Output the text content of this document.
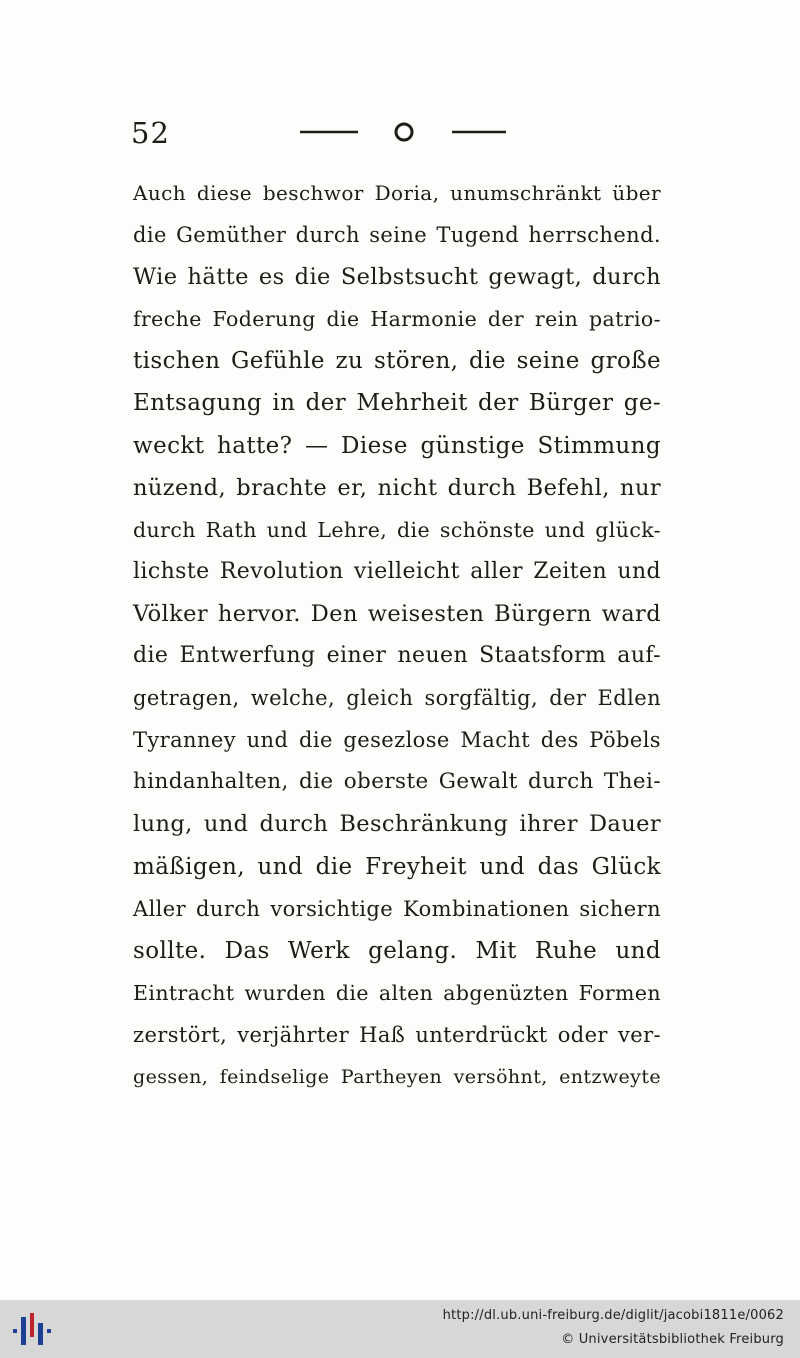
52
Auch diese beschwor Doria, unumschränkt über
die Gemüther durch seine Tugend herrschend.
Wie hätte es die Selbstsucht gewagt, durch
freche Foderung die Harmonie der rein patrio-
tischen Gefühle zu stören, die seine große
Entsagung in der Mehrheit der Bürger ge-
weckt hatte? — Diese günstige Stimmung
nüzend, brachte er, nicht durch Befehl, nur
durch Rath und Lehre, die schönste und glück-
lichste Revolution vielleicht aller Zeiten und
Völker hervor. Den weisesten Bürgern ward
die Entwerfung einer neuen Staatsform auf-
getragen, welche, gleich sorgfältig, der Edlen
Tyranney und die gesezlose Macht des Pöbels
hindanhalten, die oberste Gewalt durch Thei-
lung, und durch Beschränkung ihrer Dauer
mäßigen, und die Freyheit und das Glück
Aller durch vorsichtige Kombinationen sichern
sollte. Das Werk gelang. Mit Ruhe und
Eintracht wurden die alten abgenüzten Formen
zerstört, verjährter Haß unterdrückt oder ver-
gessen, feindselige Partheyen versöhnt, entzweyte
http://dl.ub.uni-freiburg.de/diglit/jacobi1811e/0062
© Universitätsbibliothek Freiburg
